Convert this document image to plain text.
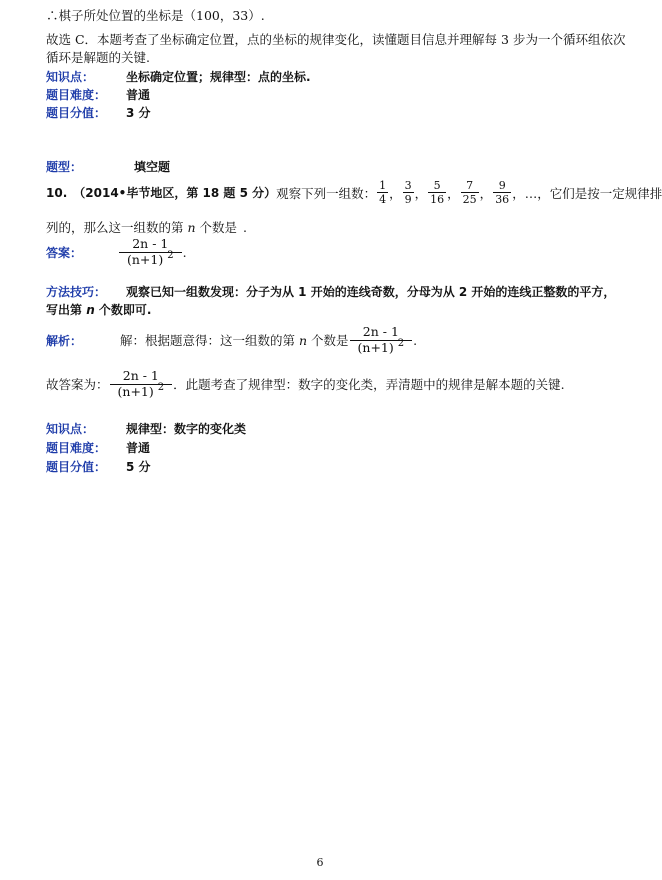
∴棋子所处位置的坐标是（100，33）.
故选 C．本题考查了坐标确定位置，点的坐标的规律变化，读懂题目信息并理解每 3 步为一个循环组依次
循环是解题的关键.
知识点：	坐标确定位置；规律型：点的坐标.
题目难度： 普通
题目分值： 3 分
题型：	填空题
10. （2014•毕节地区，第 18 题 5 分） 观察下列一组数： $\frac{1}{4}$ ， $\frac{3}{9}$ ， $\frac{5}{16}$ ， $\frac{7}{25}$ ， $\frac{9}{36}$ ，…，它们是按一定规律排
列的，那么这一组数的第 n 个数是 .
答案：	$\frac{2n - 1}{(n+1) ^2}$ .
方法技巧： 观察已知一组数发现：分子为从 1 开始的连线奇数，分母为从 2 开始的连线正整数的平方，
写出第 n 个数即可.
解析：	解：根据题意得：这一组数的第 n 个数是 $\frac{2n - 1}{(n+1) ^2}$ .
故答案为： $\frac{2n - 1}{(n+1) ^2}$ ．此题考查了规律型：数字的变化类，弄清题中的规律是解本题的关键.
知识点：	规律型：数字的变化类
题目难度： 普通
题目分值： 5 分
6
